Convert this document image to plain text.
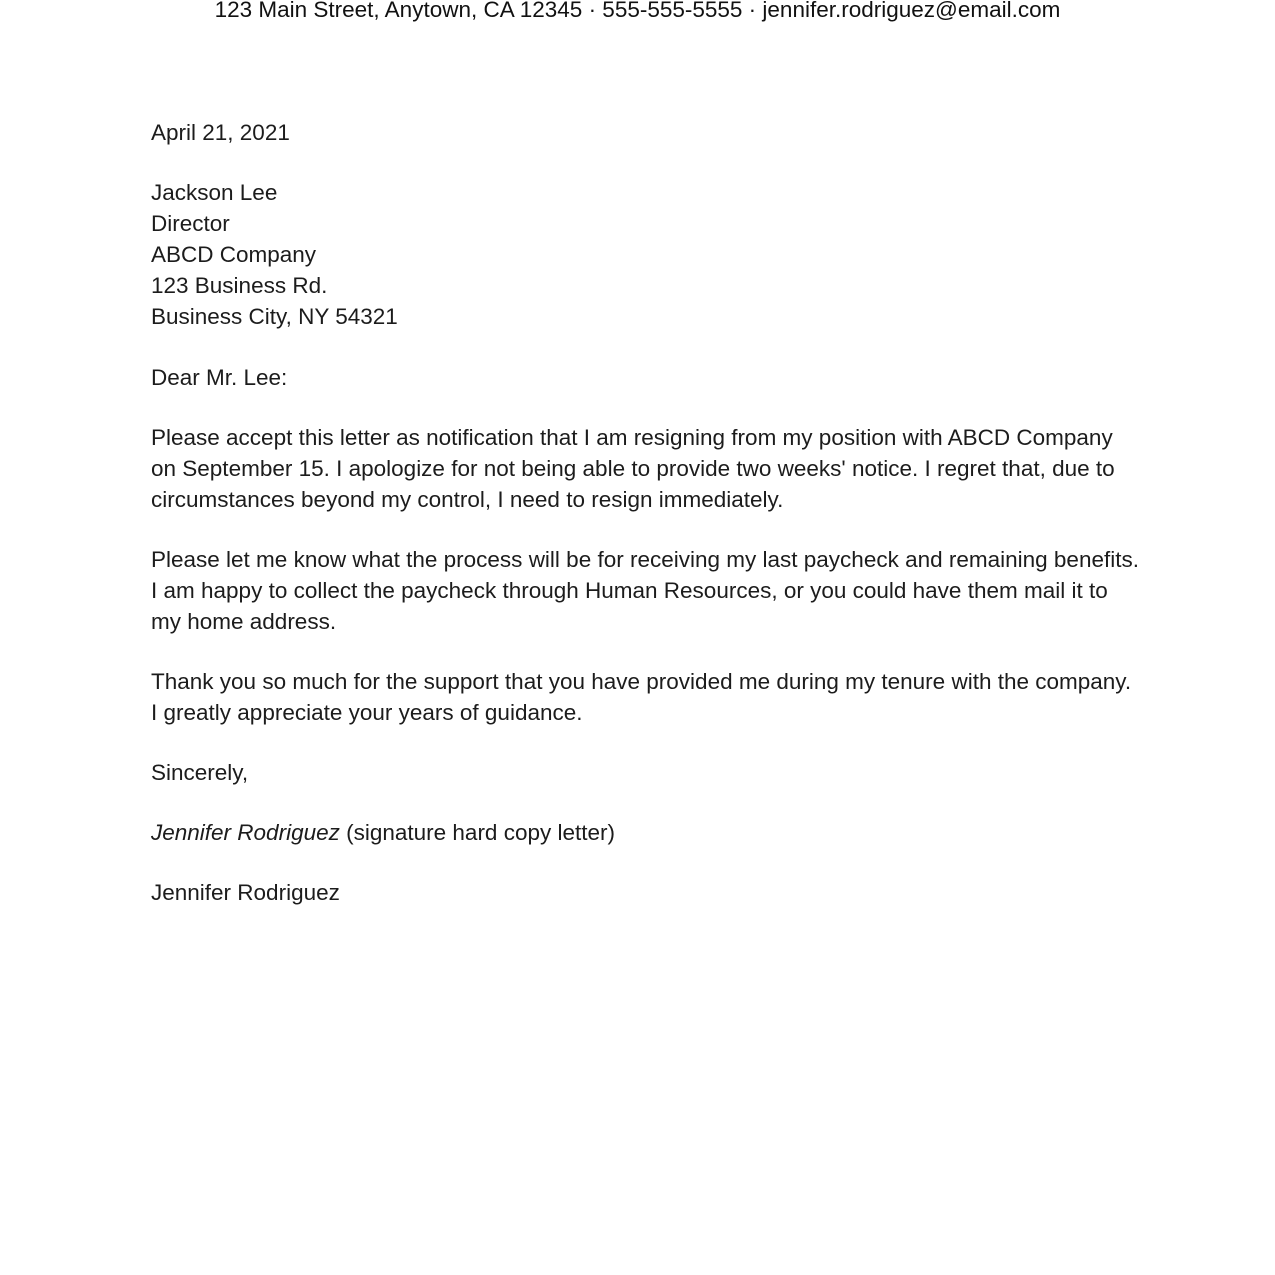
123 Main Street, Anytown, CA 12345 · 555-555-5555 · jennifer.rodriguez@email.com
April 21, 2021
Jackson Lee
Director
ABCD Company
123 Business Rd.
Business City, NY 54321
Dear Mr. Lee:

Please accept this letter as notification that I am resigning from my position with ABCD Company on September 15. I apologize for not being able to provide two weeks' notice. I regret that, due to circumstances beyond my control, I need to resign immediately.

Please let me know what the process will be for receiving my last paycheck and remaining benefits. I am happy to collect the paycheck through Human Resources, or you could have them mail it to my home address.

Thank you so much for the support that you have provided me during my tenure with the company. I greatly appreciate your years of guidance.

Sincerely,
Jennifer Rodriguez (signature hard copy letter)
Jennifer Rodriguez
